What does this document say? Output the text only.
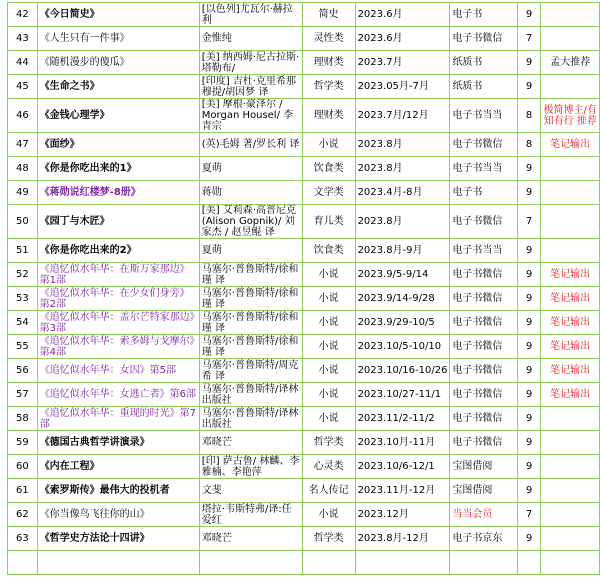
42	《今日简史》	[以色列]尤瓦尔·赫拉利	简史	2023.6月	电子书	9	
43	《人生只有一件事》	金惟纯	灵性类	2023.6月	电子书微信	7	
44	《随机漫步的傻瓜》	[美] 纳西姆·尼古拉斯·塔勒布/	理财类	2023.7月	纸质书	9	孟大推荐
45	《生命之书》	[印度] 吉杜·克里希那穆提/胡因梦 译	哲学类	2023.05月-7月	纸质书	9	
46	《金钱心理学》	[美] 摩根·豪泽尔 / Morgan Housel/ 李青宗	理财类	2023.7月/12月	电子书当当	8	极简博主/有知有行 推荐
47	《面纱》	(英)毛姆 著/罗长利 译	小说	2023.8月	电子书微信	8	笔记输出
48	《你是你吃出来的1》	夏萌	饮食类	2023.8月	电子书当当	9	
49	《蒋勋说红楼梦-8册》	蒋勋	文学类	2023.4月-8月	电子书	9	
50	《园丁与木匠》	[美] 艾莉森·高普尼克 (Alison Gopnik)/ 刘家杰 / 赵昱鲲 译	育儿类	2023.8月	电子书微信	7	
51	《你是你吃出来的2》	夏萌	饮食类	2023.8月-9月	电子书当当	9	
52	《追忆似水年华：在斯万家那边》第1部	马塞尔·普鲁斯特/徐和瑾 译	小说	2023.9/5-9/14	电子书微信	9	笔记输出
53	《追忆似水年华：在少女们身旁》第2部	马塞尔·普鲁斯特/徐和瑾 译	小说	2023.9/14-9/28	电子书微信	9	笔记输出
54	《追忆似水年华：盖尔芒特家那边》第3部	马塞尔·普鲁斯特/徐和瑾 译	小说	2023.9/29-10/5	电子书微信	9	笔记输出
55	《追忆似水年华：索多姆与戈摩尔》第4部	马塞尔·普鲁斯特/徐和瑾 译	小说	2023.10/5-10/10	电子书微信	9	笔记输出
56	《追忆似水年华：女囚》第5部	马塞尔·普鲁斯特/周克希 译	小说	2023.10/16-10/26	电子书微信	9	笔记输出
57	《追忆似水年华：女逃亡者》第6部	马塞尔·普鲁斯特/译林出版社	小说	2023.10/27-11/1	电子书微信	9	笔记输出
58	《追忆似水年华：重现的时光》第7部	马塞尔·普鲁斯特/译林出版社	小说	2023.11/2-11/2	电子书微信	9	
59	《德国古典哲学讲演录》	邓晓芒	哲学类	2023.10月-11月	电子书微信	9	
60	《内在工程》	[印] 萨古鲁/ 林麟、李雅楠、李艳萍	心灵类	2023.10/6-12/1	宝图借阅	9	
61	《索罗斯传》最伟大的投机者	文斐	名人传记	2023.11月-12月	宝图借阅	9	
62	《你当像鸟飞往你的山》	塔拉·韦斯特弗/译:任爱红	小说	2023.12月	当当会员	7	
63	《哲学史方法论十四讲》	邓晓芒	哲学类	2023.8月-12月	电子书京东	9	
